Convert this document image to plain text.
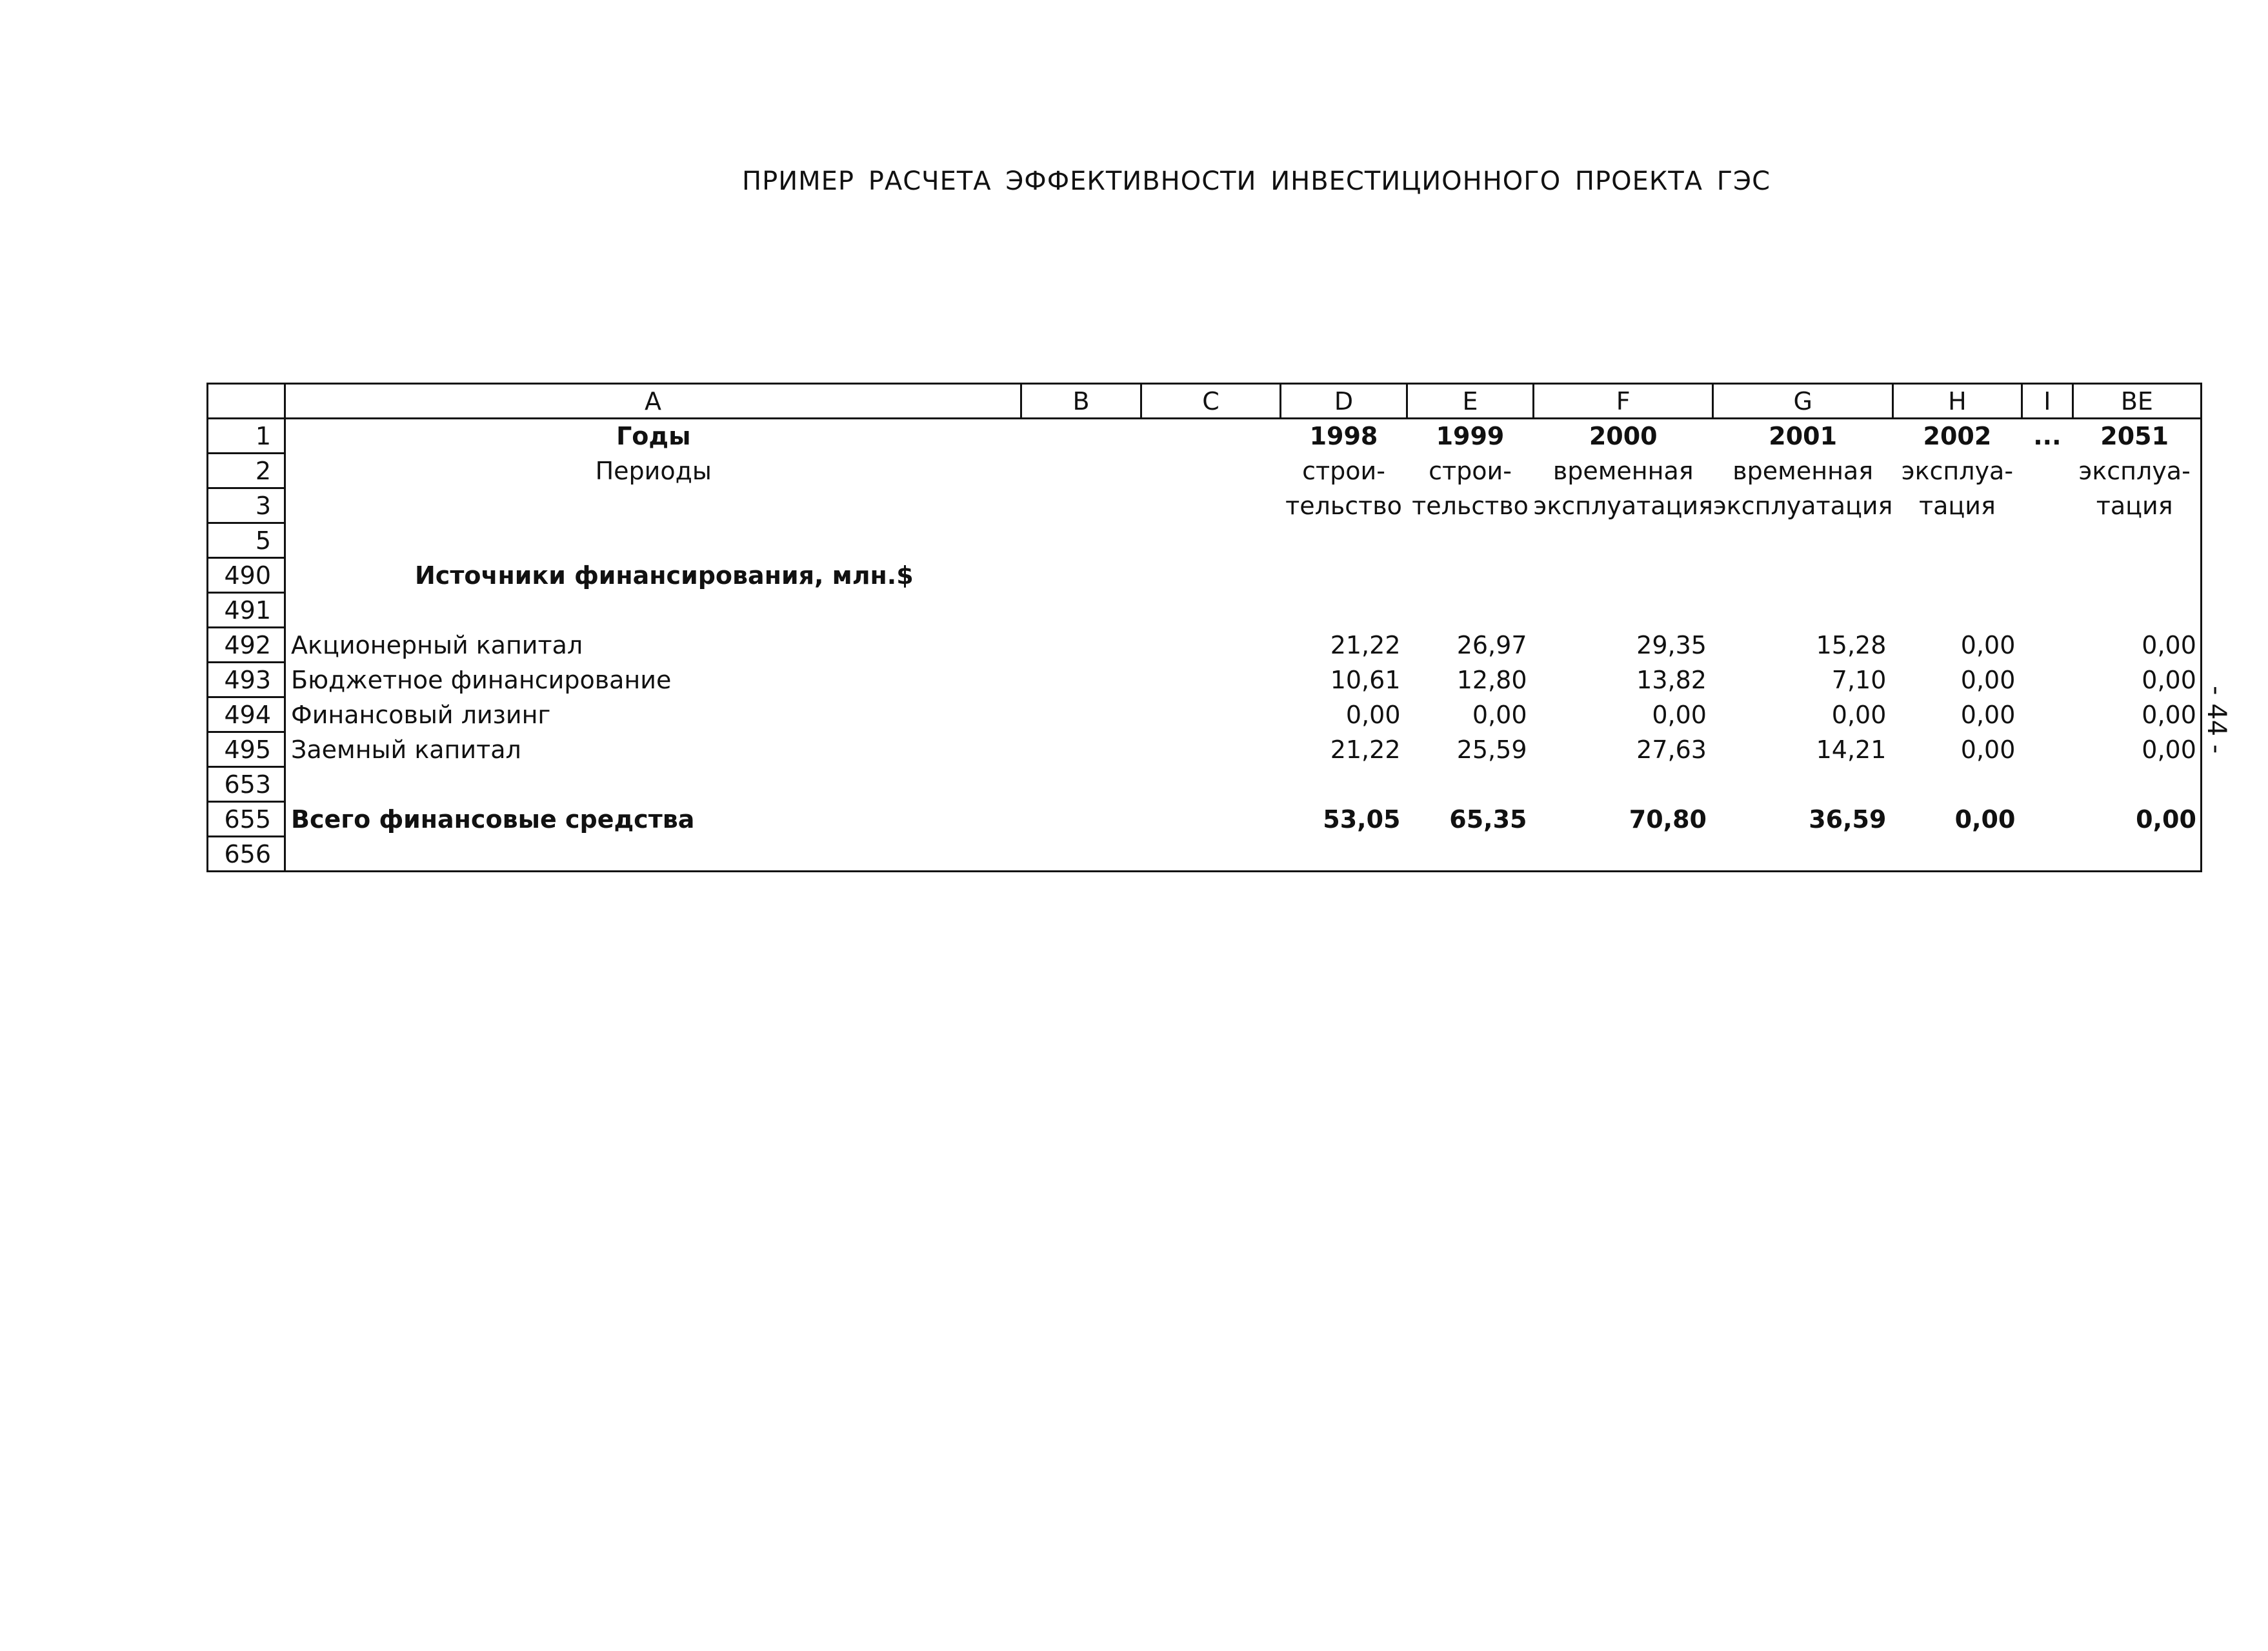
ПРИМЕР РАСЧЕТА ЭФФЕКТИВНОСТИ ИНВЕСТИЦИОННОГО ПРОЕКТА ГЭС
- 44 -
	A	B	C	D	E	F	G	H	I	BE
1	Годы			1998	1999	2000	2001	2002	...	2051
2	Периоды			строи-	строи-	временная	временная	эксплуа-		эксплуа-
3				тельство	тельство	эксплуатация	эксплуатация	тация		тация
5										
490	Источники финансирования, млн.$									
491										
492	Акционерный капитал			21,22	26,97	29,35	15,28	0,00		0,00
493	Бюджетное финансирование			10,61	12,80	13,82	7,10	0,00		0,00
494	Финансовый лизинг			0,00	0,00	0,00	0,00	0,00		0,00
495	Заемный капитал			21,22	25,59	27,63	14,21	0,00		0,00
653										
655	Всего финансовые средства			53,05	65,35	70,80	36,59	0,00		0,00
656										
